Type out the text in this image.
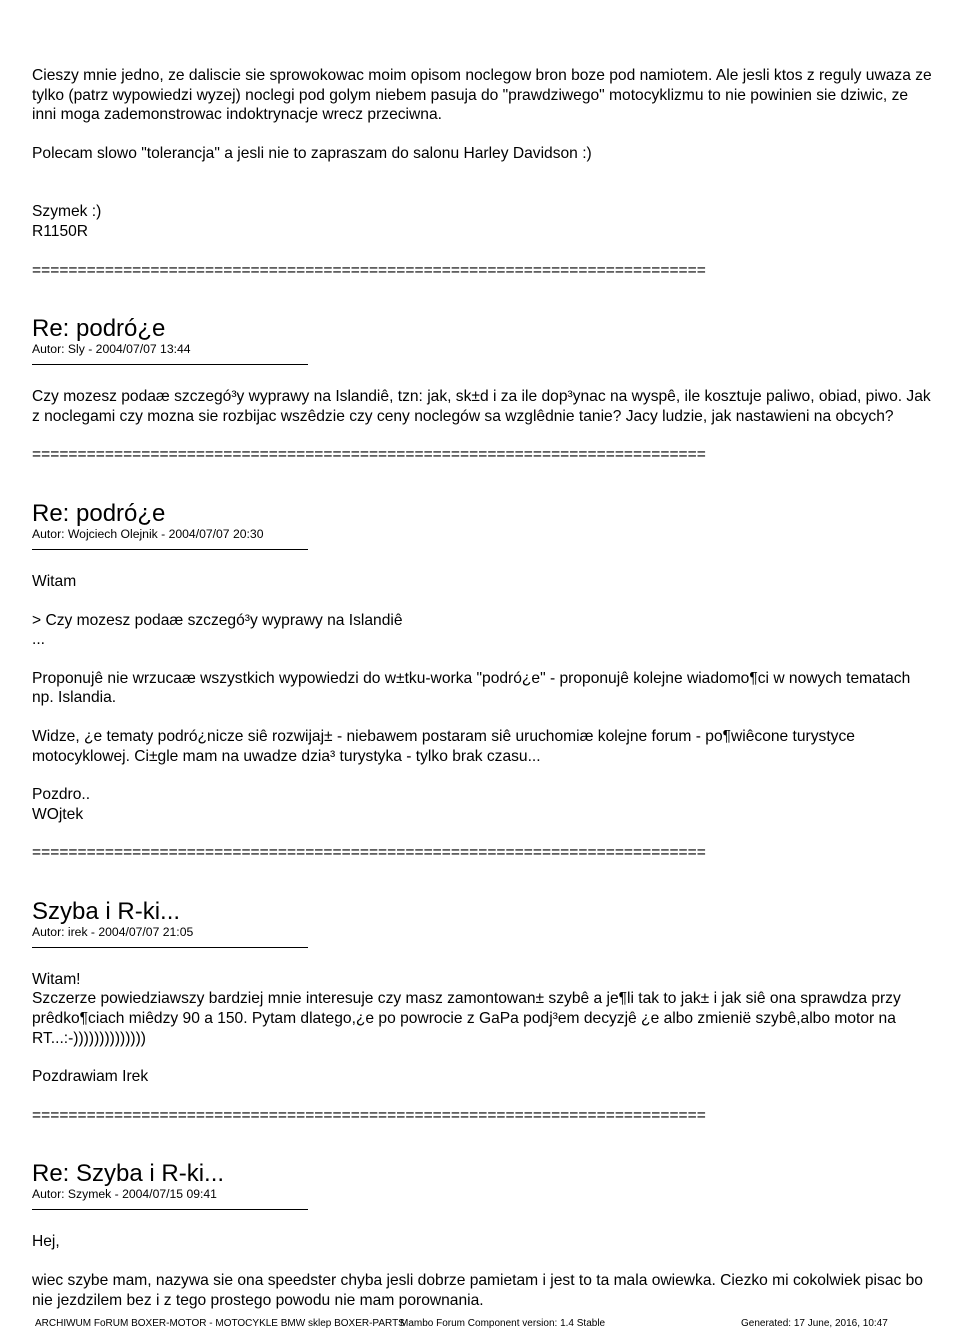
Cieszy mnie jedno, ze daliscie sie sprowokowac moim opisom noclegow bron boze pod namiotem. Ale jesli ktos z reguly uwaza ze tylko (patrz wypowiedzi wyzej) noclegi pod golym niebem pasuja do "prawdziwego" motocyklizmu to nie powinien sie dziwic, ze inni moga zademonstrowac indoktrynacje wrecz przeciwna.

Polecam slowo "tolerancja" a jesli nie to zapraszam do salonu Harley Davidson :)

Szymek :)

R1150R

==========================================================================
Re: podró¿e

Autor: Sly - 2004/07/07 13:44

Czy mozesz podaæ szczegó³y wyprawy na Islandiê, tzn: jak, sk±d i za ile dop³ynac na wyspê, ile kosztuje paliwo, obiad, piwo. Jak z noclegami czy mozna sie rozbijac wszêdzie czy ceny noclegów sa wzglêdnie tanie? Jacy ludzie, jak nastawieni na obcych?

==========================================================================
Re: podró¿e

Autor: Wojciech Olejnik - 2004/07/07 20:30

Witam

> Czy mozesz podaæ szczegó³y wyprawy na Islandiê

...

Proponujê nie wrzucaæ wszystkich wypowiedzi do w±tku-worka "podró¿e" - proponujê kolejne wiadomo¶ci w nowych tematach np. Islandia.

Widze, ¿e tematy podró¿nicze siê rozwijaj± - niebawem postaram siê uruchomiæ kolejne forum - po¶wiêcone turystyce motocyklowej. Ci±gle mam na uwadze dzia³ turystyka - tylko brak czasu...

Pozdro..

WOjtek

==========================================================================
Szyba i R-ki...

Autor: irek - 2004/07/07 21:05

Witam!

Szczerze powiedziawszy bardziej mnie interesuje czy masz zamontowan± szybê a je¶li tak to jak± i jak siê ona sprawdza przy prêdko¶ciach miêdzy 90 a 150. Pytam dlatego,¿e po powrocie z GaPa podj³em decyzjê ¿e albo zmienië szybê,albo motor na RT...:-))))))))))))))

Pozdrawiam Irek

==========================================================================
Re: Szyba i R-ki...

Autor: Szymek - 2004/07/15 09:41

Hej,

wiec szybe mam, nazywa sie ona speedster chyba jesli dobrze pamietam i jest to ta mala owiewka. Ciezko mi cokolwiek pisac bo nie jezdzilem bez i z tego prostego powodu nie mam porownania.

ARCHIWUM FoRUM BOXER-MOTOR - MOTOCYKLE BMW sklep BOXER-PARTS
Mambo Forum Component version: 1.4 Stable	Generated: 17 June, 2016, 10:47
